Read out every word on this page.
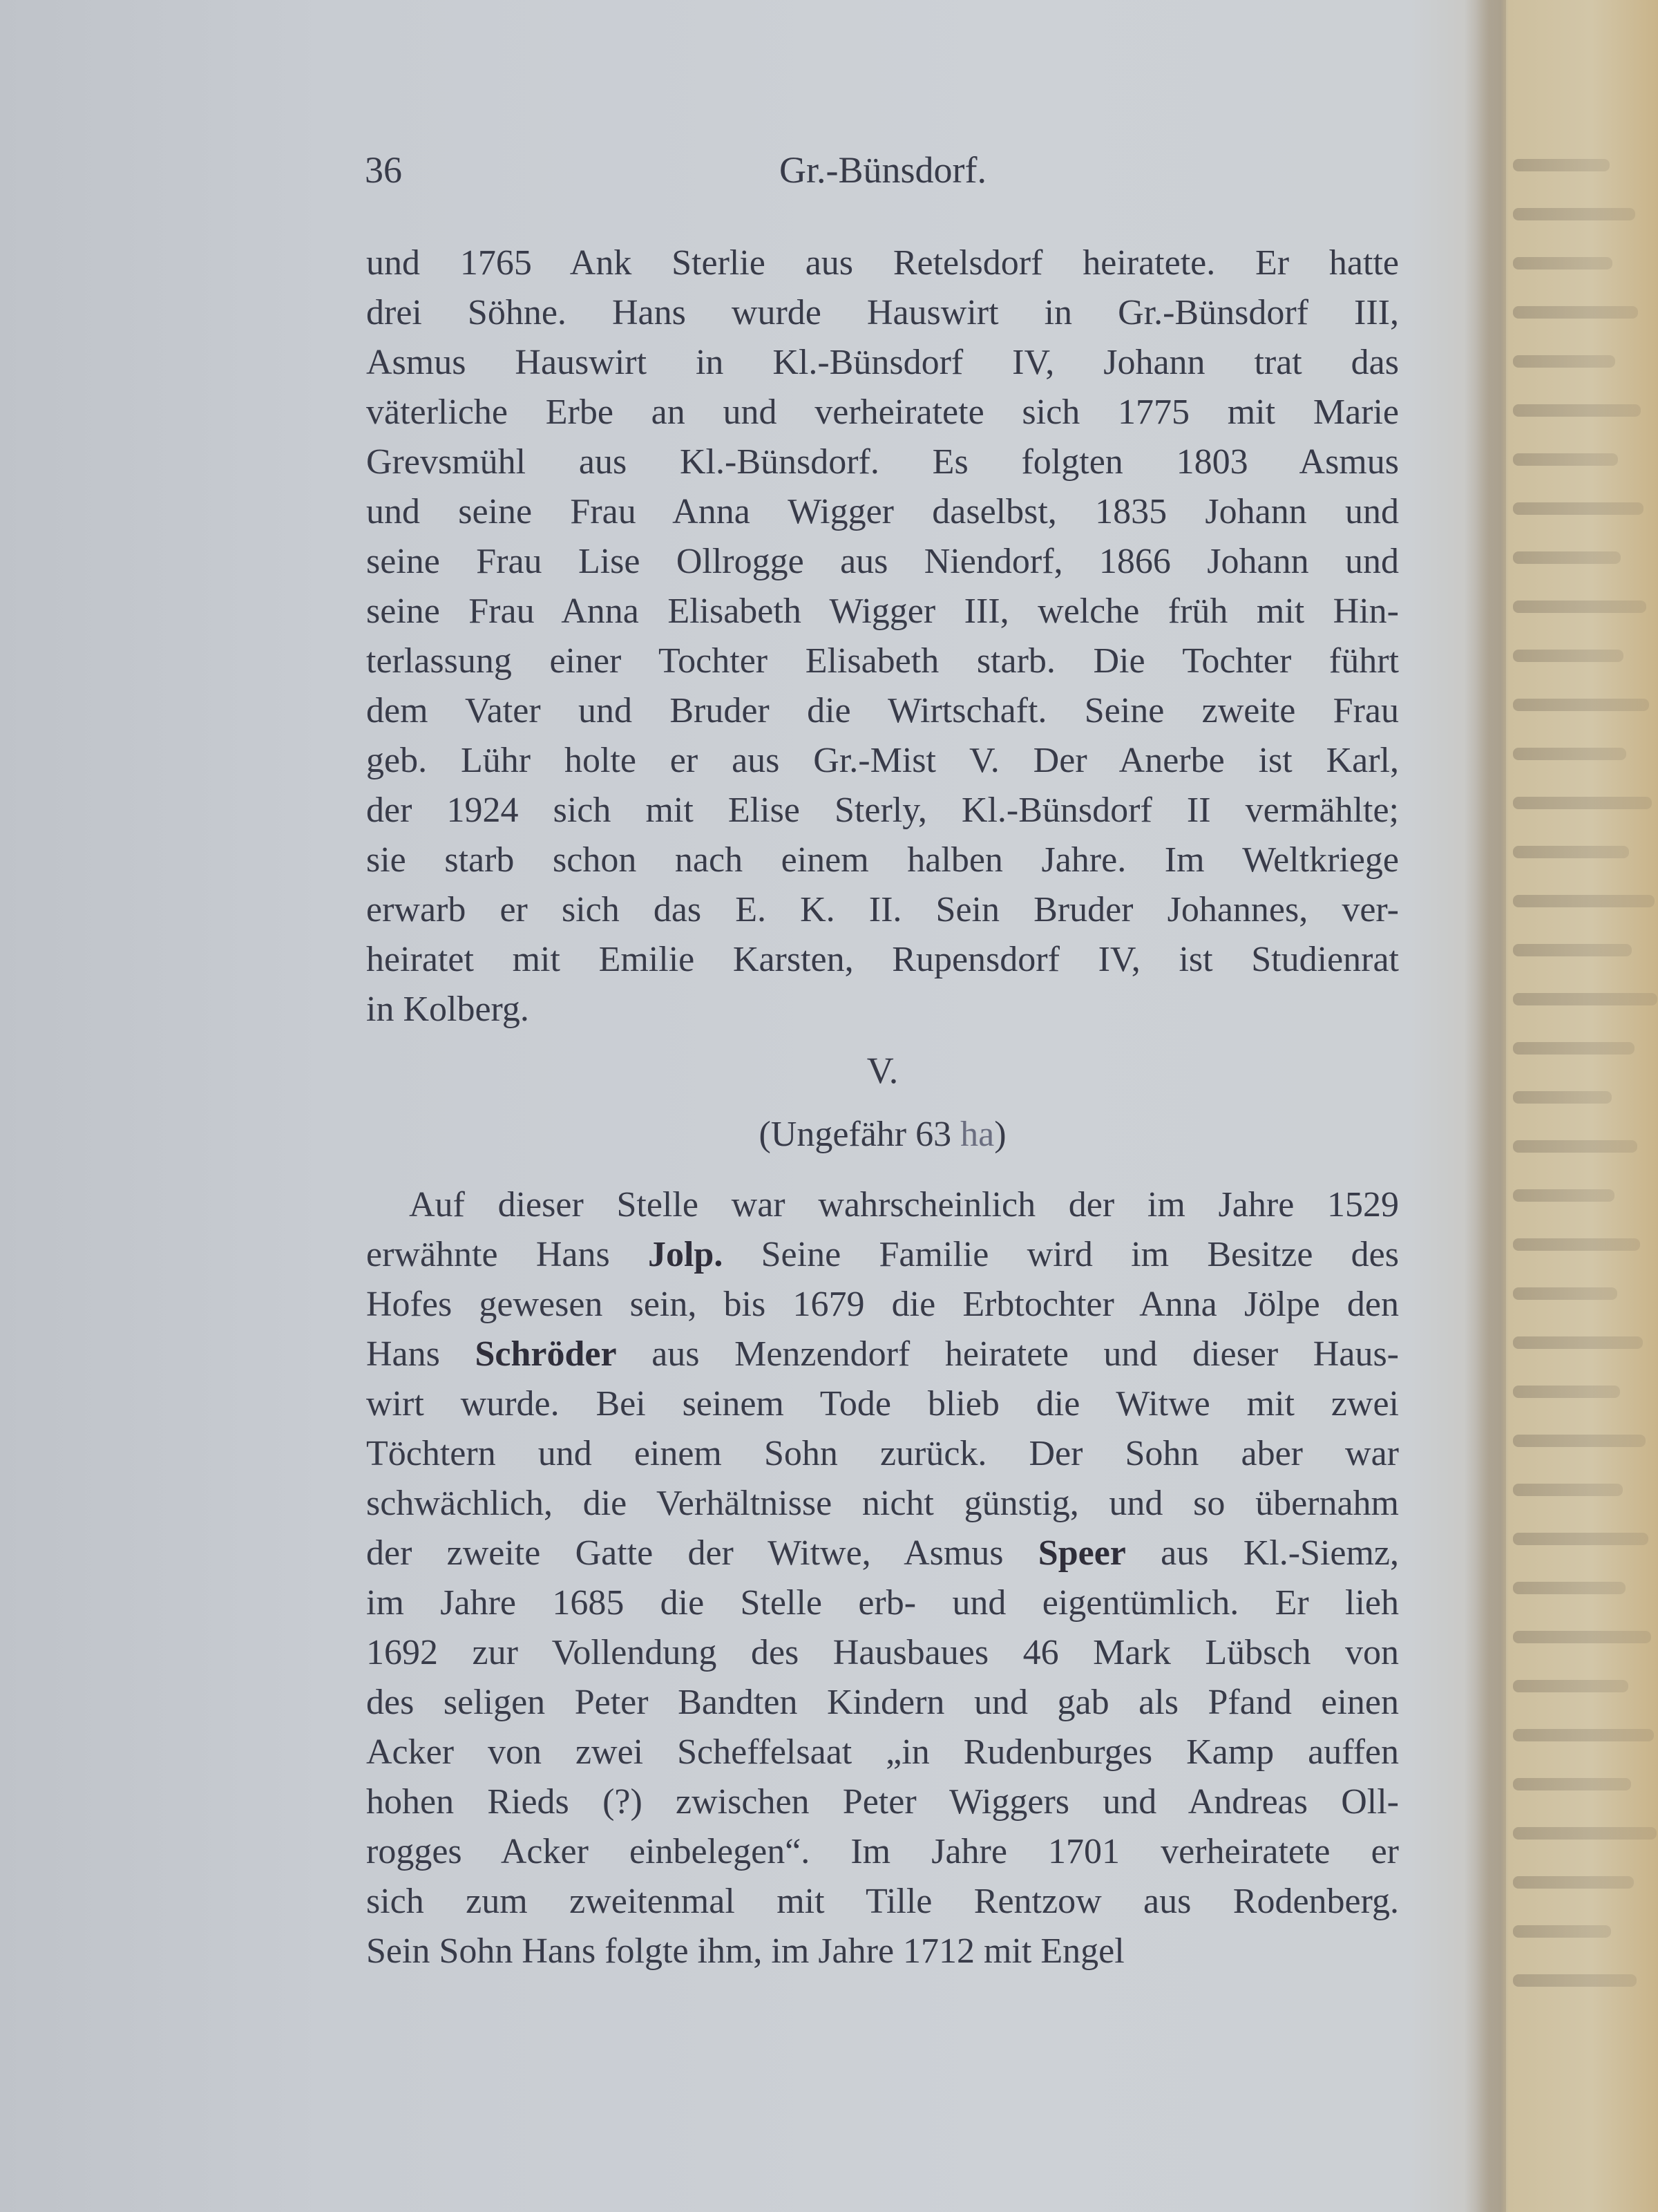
36	Gr.-Bünsdorf.
und 1765 Ank Sterlie aus Retelsdorf heiratete. Er hatte
drei Söhne. Hans wurde Hauswirt in Gr.-Bünsdorf III,
Asmus Hauswirt in Kl.-Bünsdorf IV, Johann trat das
väterliche Erbe an und verheiratete sich 1775 mit Marie
Grevsmühl aus Kl.-Bünsdorf. Es folgten 1803 Asmus
und seine Frau Anna Wigger daselbst, 1835 Johann und
seine Frau Lise Ollrogge aus Niendorf, 1866 Johann und
seine Frau Anna Elisabeth Wigger III, welche früh mit Hin-
terlassung einer Tochter Elisabeth starb. Die Tochter führt
dem Vater und Bruder die Wirtschaft. Seine zweite Frau
geb. Lühr holte er aus Gr.-Mist V. Der Anerbe ist Karl,
der 1924 sich mit Elise Sterly, Kl.-Bünsdorf II vermählte;
sie starb schon nach einem halben Jahre. Im Weltkriege
erwarb er sich das E. K. II. Sein Bruder Johannes, ver-
heiratet mit Emilie Karsten, Rupensdorf IV, ist Studienrat
in Kolberg.
V.
(Ungefähr 63 ha)
Auf dieser Stelle war wahrscheinlich der im Jahre 1529
erwähnte Hans Jolp. Seine Familie wird im Besitze des
Hofes gewesen sein, bis 1679 die Erbtochter Anna Jölpe den
Hans Schröder aus Menzendorf heiratete und dieser Haus-
wirt wurde. Bei seinem Tode blieb die Witwe mit zwei
Töchtern und einem Sohn zurück. Der Sohn aber war
schwächlich, die Verhältnisse nicht günstig, und so übernahm
der zweite Gatte der Witwe, Asmus Speer aus Kl.-Siemz,
im Jahre 1685 die Stelle erb- und eigentümlich. Er lieh
1692 zur Vollendung des Hausbaues 46 Mark Lübsch von
des seligen Peter Bandten Kindern und gab als Pfand einen
Acker von zwei Scheffelsaat „in Rudenburges Kamp auffen
hohen Rieds (?) zwischen Peter Wiggers und Andreas Oll-
rogges Acker einbelegen“. Im Jahre 1701 verheiratete er
sich zum zweitenmal mit Tille Rentzow aus Rodenberg.
Sein Sohn Hans folgte ihm, im Jahre 1712 mit Engel
